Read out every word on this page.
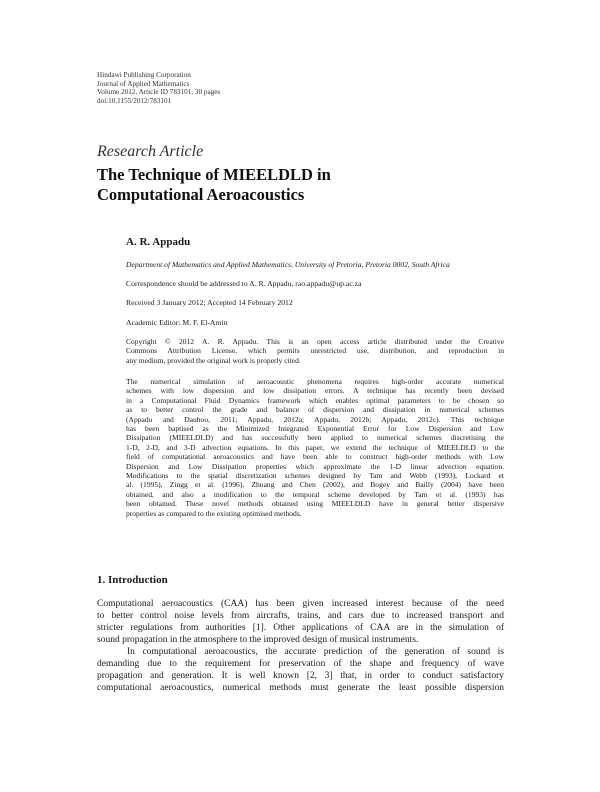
Hindawi Publishing Corporation
Journal of Applied Mathematics
Volume 2012, Article ID 783101, 30 pages
doi:10.1155/2012/783101
Research Article
The Technique of MIEELDLD in
Computational Aeroacoustics
A. R. Appadu
Department of Mathematics and Applied Mathematics, University of Pretoria, Pretoria 0002, South Africa
Correspondence should be addressed to A. R. Appadu, rao.appadu@up.ac.za
Received 3 January 2012; Accepted 14 February 2012
Academic Editor: M. F. El-Amin
Copyright © 2012 A. R. Appadu. This is an open access article distributed under the Creative
Commons Attribution License, which permits unrestricted use, distribution, and reproduction in
any medium, provided the original work is properly cited.
The numerical simulation of aeroacoustic phenomena requires high-order accurate numerical
schemes with low dispersion and low dissipation errors. A technique has recently been devised
in a Computational Fluid Dynamics framework which enables optimal parameters to be chosen so
as to better control the grade and balance of dispersion and dissipation in numerical schemes
(Appadu and Dauhoo, 2011; Appadu, 2012a; Appadu, 2012b; Appadu, 2012c). This technique
has been baptised as the Minimized Integrated Exponential Error for Low Dispersion and Low
Dissipation (MIEELDLD) and has successfully been applied to numerical schemes discretising the
1-D, 2-D, and 3-D advection equations. In this paper, we extend the technique of MIEELDLD to the
field of computational aeroacoustics and have been able to construct high-order methods with Low
Dispersion and Low Dissipation properties which approximate the 1-D linear advection equation.
Modifications to the spatial discretization schemes designed by Tam and Webb (1993), Lockard et
al. (1995), Zingg et al. (1996), Zhuang and Chen (2002), and Bogey and Bailly (2004) have been
obtained, and also a modification to the temporal scheme developed by Tam et al. (1993) has
been obtained. These novel methods obtained using MIEELDLD have in general better dispersive
properties as compared to the existing optimised methods.
1. Introduction
Computational aeroacoustics (CAA) has been given increased interest because of the need
to better control noise levels from aircrafts, trains, and cars due to increased transport and
stricter regulations from authorities [1]. Other applications of CAA are in the simulation of
sound propagation in the atmosphere to the improved design of musical instruments.
In computational aeroacoustics, the accurate prediction of the generation of sound is
demanding due to the requirement for preservation of the shape and frequency of wave
propagation and generation. It is well known [2, 3] that, in order to conduct satisfactory
computational aeroacoustics, numerical methods must generate the least possible dispersion
